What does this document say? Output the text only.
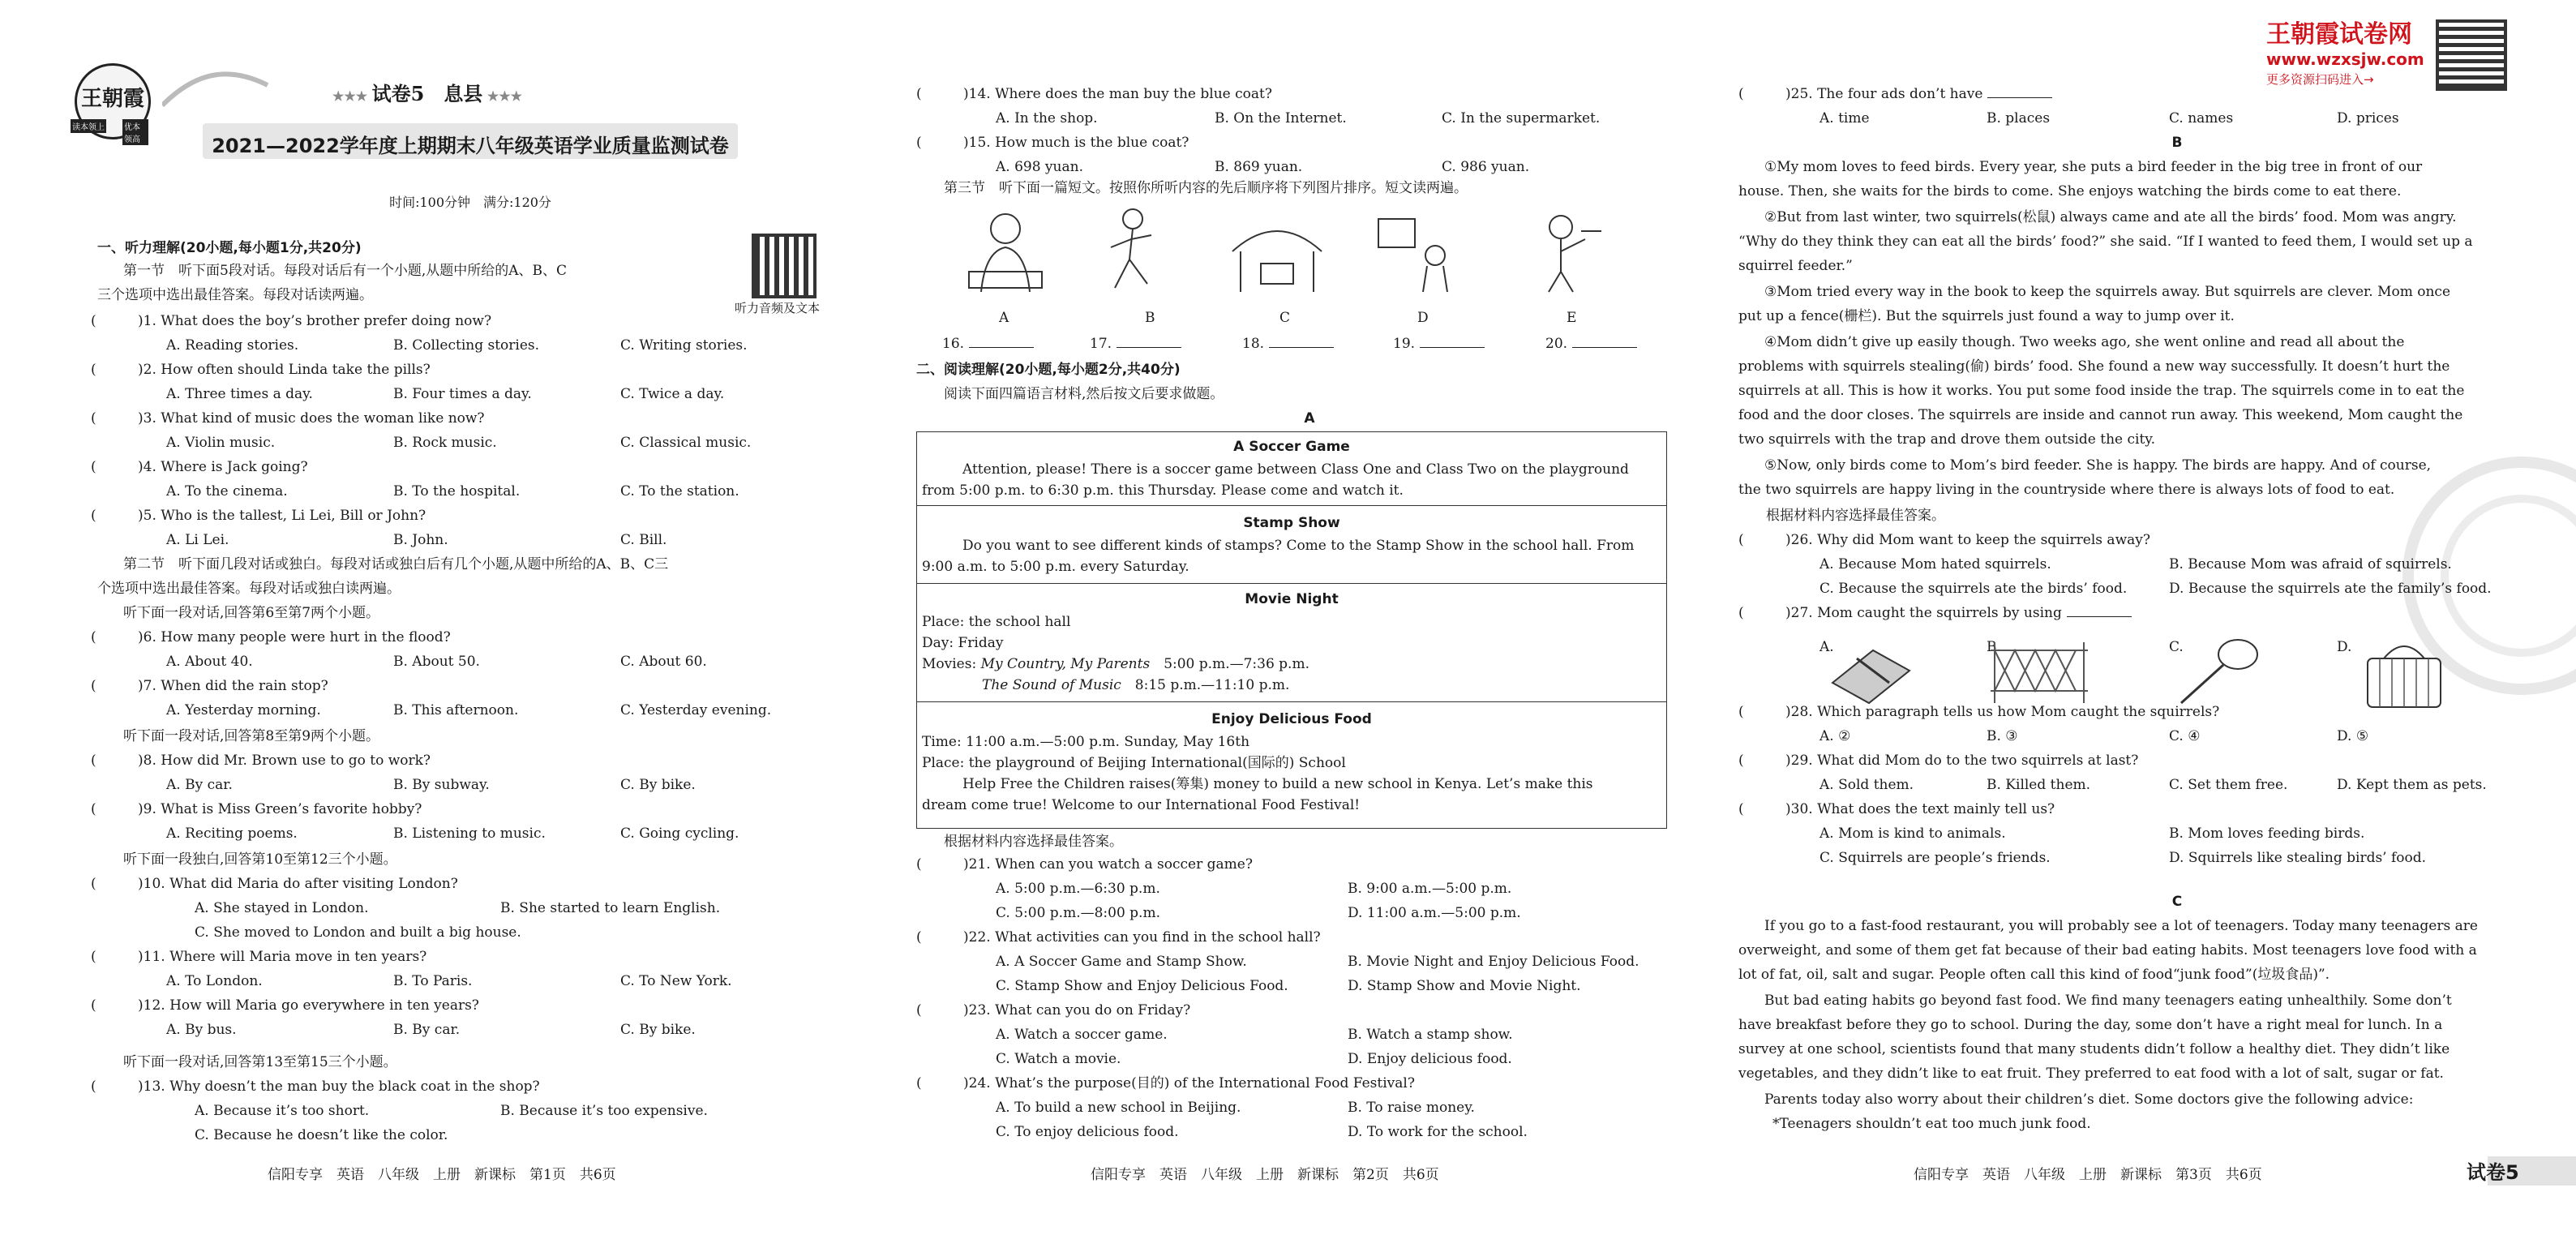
王朝霞
读本领上 优本领高
★★★ 试卷5　 息县 ★★★
2021—2022学年度上期期末八年级英语学业质量监测试卷
时间:100分钟　满分:120分
听力音频及文本
一、听力理解(20小题,每小题1分,共20分)
第一节　听下面5段对话。每段对话后有一个小题,从题中所给的A、B、C
三个选项中选出最佳答案。每段对话读两遍。
(	)1. What does the boy’s brother prefer doing now?
A. Reading stories.	B. Collecting stories.	C. Writing stories.
(	)2. How often should Linda take the pills?
A. Three times a day.	B. Four times a day.	C. Twice a day.
(	)3. What kind of music does the woman like now?
A. Violin music.	B. Rock music.	C. Classical music.
(	)4. Where is Jack going?
A. To the cinema.	B. To the hospital.	C. To the station.
(	)5. Who is the tallest, Li Lei, Bill or John?
A. Li Lei.	B. John.	C. Bill.
(	)6. How many people were hurt in the flood?
A. About 40.	B. About 50.	C. About 60.
(	)7. When did the rain stop?
A. Yesterday morning.	B. This afternoon.	C. Yesterday evening.
(	)8. How did Mr. Brown use to go to work?
A. By car.	B. By subway.	C. By bike.
(	)9. What is Miss Green’s favorite hobby?
A. Reciting poems.	B. Listening to music.	C. Going cycling.
(	)10. What did Maria do after visiting London?
A. She stayed in London.	B. She started to learn English.
C. She moved to London and built a big house.
(	)11. Where will Maria move in ten years?
A. To London.	B. To Paris.	C. To New York.
(	)12. How will Maria go everywhere in ten years?
A. By bus.	B. By car.	C. By bike.
(	)13. Why doesn’t the man buy the black coat in the shop?
A. Because it’s too short.	B. Because it’s too expensive.
C. Because he doesn’t like the color.
第二节　听下面几段对话或独白。每段对话或独白后有几个小题,从题中所给的A、B、C三
个选项中选出最佳答案。每段对话或独白读两遍。
听下面一段对话,回答第6至第7两个小题。
听下面一段对话,回答第8至第9两个小题。
听下面一段独白,回答第10至第12三个小题。
听下面一段对话,回答第13至第15三个小题。
信阳专享　英语　八年级　上册　新课标　第1页　共6页
(	)14. Where does the man buy the blue coat?
A. In the shop.	B. On the Internet.	C. In the supermarket.
(	)15. How much is the blue coat?
A. 698 yuan.	B. 869 yuan.	C. 986 yuan.
第三节　听下面一篇短文。按照你所听内容的先后顺序将下列图片排序。短文读两遍。
A	B	C	D	E
16.	17.	18.	19.	20.
二、阅读理解(20小题,每小题2分,共40分)
阅读下面四篇语言材料,然后按文后要求做题。
A
A Soccer Game
Attention, please! There is a soccer game between Class One and Class Two on the playground
from 5:00 p.m. to 6:30 p.m. this Thursday. Please come and watch it.
Stamp Show
Do you want to see different kinds of stamps? Come to the Stamp Show in the school hall. From
9:00 a.m. to 5:00 p.m. every Saturday.
Movie Night
Place: the school hall
Day: Friday
Movies: My Country, My Parents　5:00 p.m.—7:36 p.m.
The Sound of Music　8:15 p.m.—11:10 p.m.
Enjoy Delicious Food
Time: 11:00 a.m.—5:00 p.m. Sunday, May 16th
Place: the playground of Beijing International(国际的) School
Help Free the Children raises(筹集) money to build a new school in Kenya. Let’s make this
dream come true! Welcome to our International Food Festival!
根据材料内容选择最佳答案。
(	)21. When can you watch a soccer game?
A. 5:00 p.m.—6:30 p.m.	B. 9:00 a.m.—5:00 p.m.
C. 5:00 p.m.—8:00 p.m.	D. 11:00 a.m.—5:00 p.m.
(	)22. What activities can you find in the school hall?
A. A Soccer Game and Stamp Show.	B. Movie Night and Enjoy Delicious Food.
C. Stamp Show and Enjoy Delicious Food.	D. Stamp Show and Movie Night.
(	)23. What can you do on Friday?
A. Watch a soccer game.	B. Watch a stamp show.
C. Watch a movie.	D. Enjoy delicious food.
(	)24. What’s the purpose(目的) of the International Food Festival?
A. To build a new school in Beijing.	B. To raise money.
C. To enjoy delicious food.	D. To work for the school.
信阳专享　英语　八年级　上册　新课标　第2页　共6页
王朝霞试卷网
www.wzxsjw.com
更多资源扫码进入→
(	)25. The four ads don’t have
A. time	B. places	C. names	D. prices
B
①My mom loves to feed birds. Every year, she puts a bird feeder in the big tree in front of our
house. Then, she waits for the birds to come. She enjoys watching the birds come to eat there.
②But from last winter, two squirrels(松鼠) always came and ate all the birds’ food. Mom was angry.
“Why do they think they can eat all the birds’ food?” she said. “If I wanted to feed them, I would set up a
squirrel feeder.”
③Mom tried every way in the book to keep the squirrels away. But squirrels are clever. Mom once
put up a fence(栅栏). But the squirrels just found a way to jump over it.
④Mom didn’t give up easily though. Two weeks ago, she went online and read all about the
problems with squirrels stealing(偷) birds’ food. She found a new way successfully. It doesn’t hurt the
squirrels at all. This is how it works. You put some food inside the trap. The squirrels come in to eat the
food and the door closes. The squirrels are inside and cannot run away. This weekend, Mom caught the
two squirrels with the trap and drove them outside the city.
⑤Now, only birds come to Mom’s bird feeder. She is happy. The birds are happy. And of course,
the two squirrels are happy living in the countryside where there is always lots of food to eat.
根据材料内容选择最佳答案。
(	)26. Why did Mom want to keep the squirrels away?
A. Because Mom hated squirrels.	B. Because Mom was afraid of squirrels.
C. Because the squirrels ate the birds’ food.	D. Because the squirrels ate the family’s food.
(	)27. Mom caught the squirrels by using
A.	B.	C.	D.
(	)28. Which paragraph tells us how Mom caught the squirrels?
A. ②	B. ③	C. ④	D. ⑤
(	)29. What did Mom do to the two squirrels at last?
A. Sold them.	B. Killed them.	C. Set them free.	D. Kept them as pets.
(	)30. What does the text mainly tell us?
A. Mom is kind to animals.	B. Mom loves feeding birds.
C. Squirrels are people’s friends.	D. Squirrels like stealing birds’ food.
C
If you go to a fast-food restaurant, you will probably see a lot of teenagers. Today many teenagers are
overweight, and some of them get fat because of their bad eating habits. Most teenagers love food with a
lot of fat, oil, salt and sugar. People often call this kind of food“junk food”(垃圾食品)”.
But bad eating habits go beyond fast food. We find many teenagers eating unhealthily. Some don’t
have breakfast before they go to school. During the day, some don’t have a right meal for lunch. In a
survey at one school, scientists found that many students didn’t follow a healthy diet. They didn’t like
vegetables, and they didn’t like to eat fruit. They preferred to eat food with a lot of salt, sugar or fat.
Parents today also worry about their children’s diet. Some doctors give the following advice:
*Teenagers shouldn’t eat too much junk food.
信阳专享　英语　八年级　上册　新课标　第3页　共6页	试卷5
